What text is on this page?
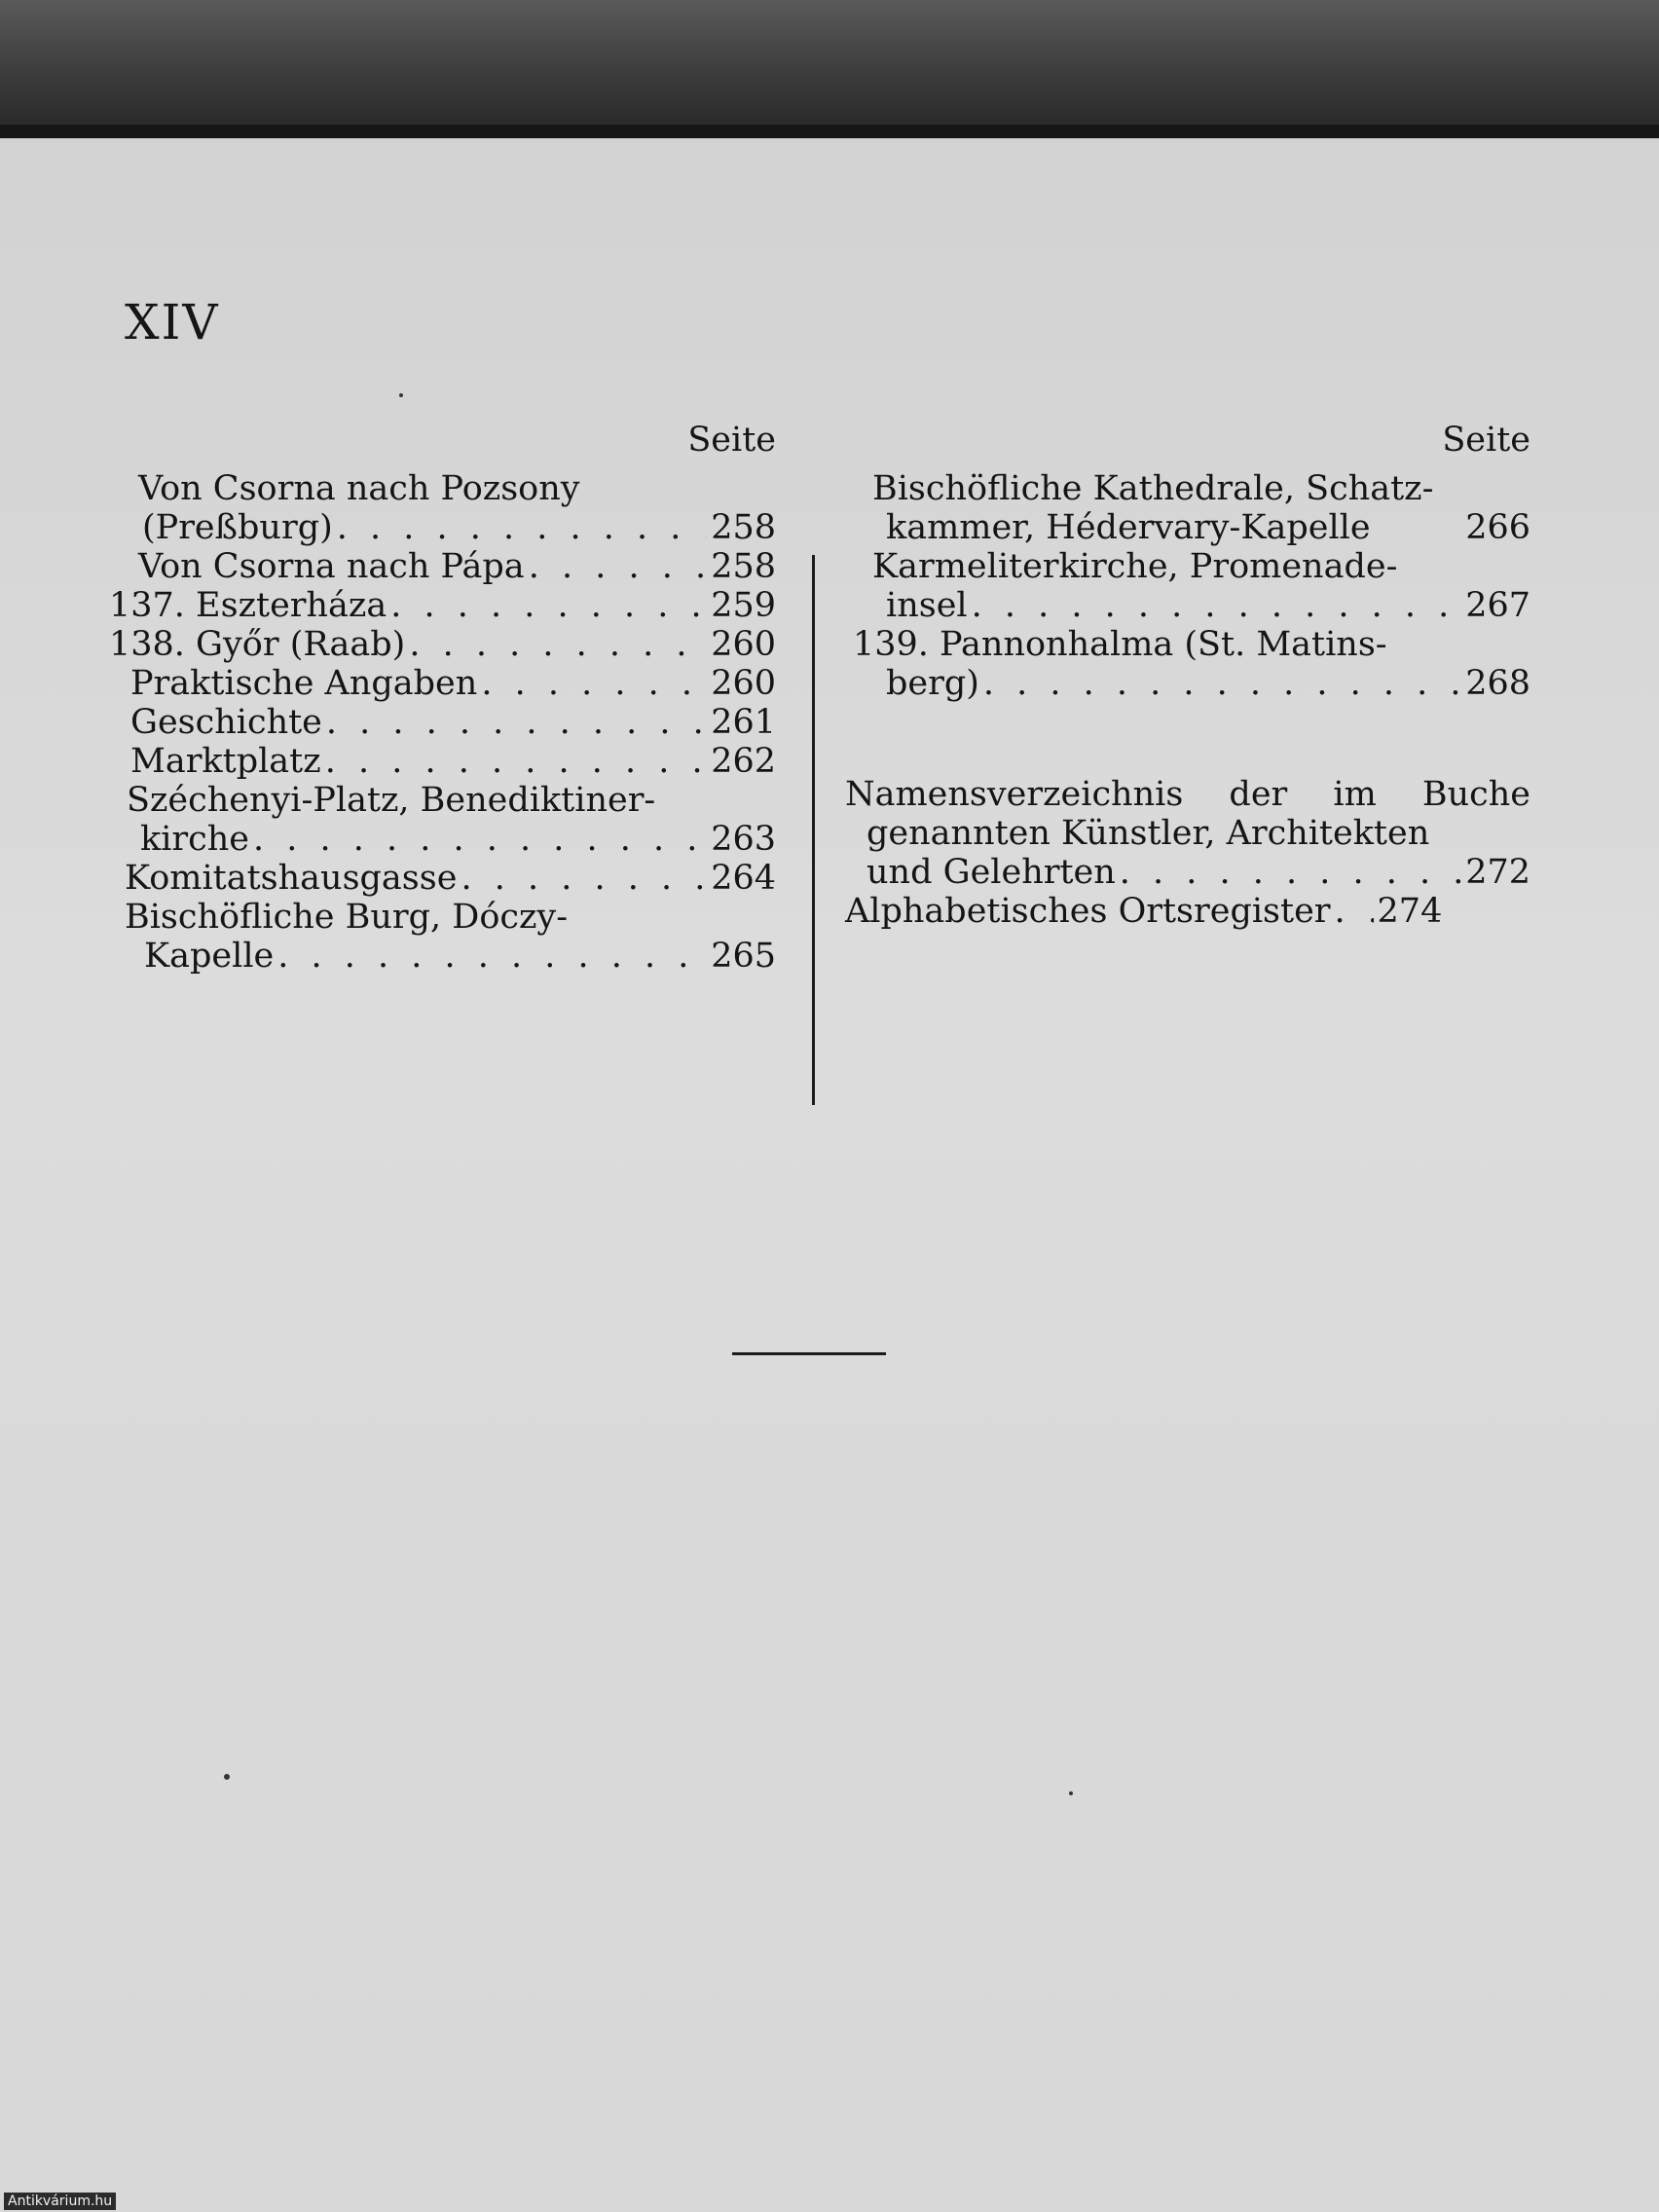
XIV
Seite
Von Csorna nach Pozsony
(Preßburg) . . .	258
Von Csorna nach Pápa . . .	258
137. Eszterháza . . .	259
138. Győr (Raab) . . .	260
Praktische Angaben . . .	260
Geschichte . . .	261
Marktplatz . . .	262
Széchenyi-Platz, Benediktiner-
kirche . . .	263
Komitatshausgasse . . .	264
Bischöfliche Burg, Dóczy-
Kapelle . . .	265
Seite
Bischöfliche Kathedrale, Schatz-
kammer, Hédervary-Kapelle	266
Karmeliterkirche, Promenade-
insel . . .	267
139. Pannonhalma (St. Matins-
berg) . . .	268
Namensverzeichnis der im Buche
genannten Künstler, Architekten
und Gelehrten . . .	272
Alphabetisches Ortsregister . . . 274
Antikvárium.hu
